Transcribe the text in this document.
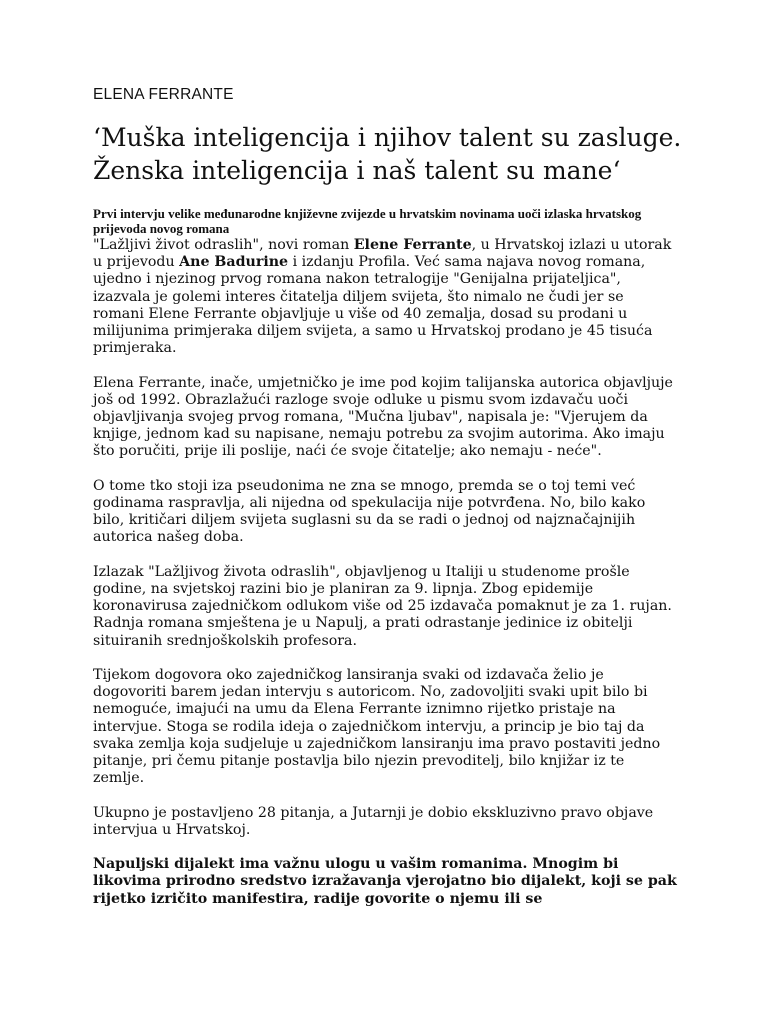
ELENA FERRANTE

‘Muška inteligencija i njihov talent su zasluge.
Ženska inteligencija i naš talent su mane‘

Prvi intervju velike međunarodne književne zvijezde u hrvatskim novinama uoči izlaska hrvatskog prijevoda novog romana

"Lažljivi život odraslih", novi roman Elene Ferrante, u Hrvatskoj izlazi u utorak u prijevodu Ane Badurine i izdanju Profila. Već sama najava novog romana, ujedno i njezinog prvog romana nakon tetralogije "Genijalna prijateljica", izazvala je golemi interes čitatelja diljem svijeta, što nimalo ne čudi jer se romani Elene Ferrante objavljuje u više od 40 zemalja, dosad su prodani u milijunima primjeraka diljem svijeta, a samo u Hrvatskoj prodano je 45 tisuća primjeraka.

Elena Ferrante, inače, umjetničko je ime pod kojim talijanska autorica objavljuje još od 1992. Obrazlažući razloge svoje odluke u pismu svom izdavaču uoči objavljivanja svojeg prvog romana, "Mučna ljubav", napisala je: "Vjerujem da knjige, jednom kad su napisane, nemaju potrebu za svojim autorima. Ako imaju što poručiti, prije ili poslije, naći će svoje čitatelje; ako nemaju - neće".

O tome tko stoji iza pseudonima ne zna se mnogo, premda se o toj temi već godinama raspravlja, ali nijedna od spekulacija nije potvrđena. No, bilo kako bilo, kritičari diljem svijeta suglasni su da se radi o jednoj od najznačajnijih autorica našeg doba.

Izlazak "Lažljivog života odraslih", objavljenog u Italiji u studenome prošle godine, na svjetskoj razini bio je planiran za 9. lipnja. Zbog epidemije koronavirusa zajedničkom odlukom više od 25 izdavača pomaknut je za 1. rujan. Radnja romana smještena je u Napulj, a prati odrastanje jedinice iz obitelji situiranih srednjoškolskih profesora.

Tijekom dogovora oko zajedničkog lansiranja svaki od izdavača želio je dogovoriti barem jedan intervju s autoricom. No, zadovoljiti svaki upit bilo bi nemoguće, imajući na umu da Elena Ferrante iznimno rijetko pristaje na intervjue. Stoga se rodila ideja o zajedničkom intervju, a princip je bio taj da svaka zemlja koja sudjeluje u zajedničkom lansiranju ima pravo postaviti jedno pitanje, pri čemu pitanje postavlja bilo njezin prevoditelj, bilo knjižar iz te zemlje.

Ukupno je postavljeno 28 pitanja, a Jutarnji je dobio ekskluzivno pravo objave intervjua u Hrvatskoj.

Napuljski dijalekt ima važnu ulogu u vašim romanima. Mnogim bi likovima prirodno sredstvo izražavanja vjerojatno bio dijalekt, koji se pak rijetko izričito manifestira, radije govorite o njemu ili se
